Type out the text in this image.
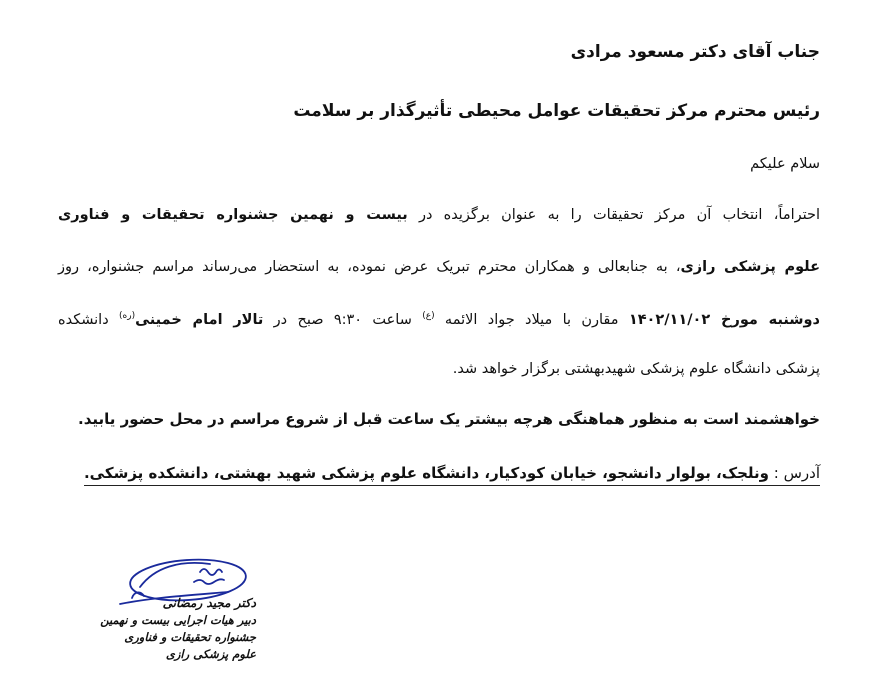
جناب آقای دکتر مسعود مرادی
رئیس محترم مرکز تحقیقات عوامل محیطی تأثیرگذار بر سلامت
سلام علیکم
احتراماً، انتخاب آن مرکز تحقیقات را به عنوان برگزیده در بیست و نهمین جشنواره تحقیقات و فناوری
علوم پزشکی رازی، به جنابعالی و همکاران محترم تبریک عرض نموده، به استحضار می‌رساند مراسم جشنواره، روز
دوشنبه مورخ ۱۴۰۲/۱۱/۰۲ مقارن با میلاد جواد الائمه $^{(ع)}$ ساعت ۹:۳۰ صبح در تالار امام خمینی$^{(ره)}$ دانشکده
پزشکی دانشگاه علوم پزشکی شهیدبهشتی برگزار خواهد شد.
خواهشمند است به منظور هماهنگی هرچه بیشتر یک ساعت قبل از شروع مراسم در محل حضور یابید.
آدرس : ونلجک، بولوار دانشجو، خیابان کودکیار، دانشگاه علوم پزشکی شهید بهشتی، دانشکده پزشکی.
دکتر مجید رمضانی
دبیر هیات اجرایی بیست و نهمین
جشنواره تحقیقات و فناوری
علوم پزشکی رازی
